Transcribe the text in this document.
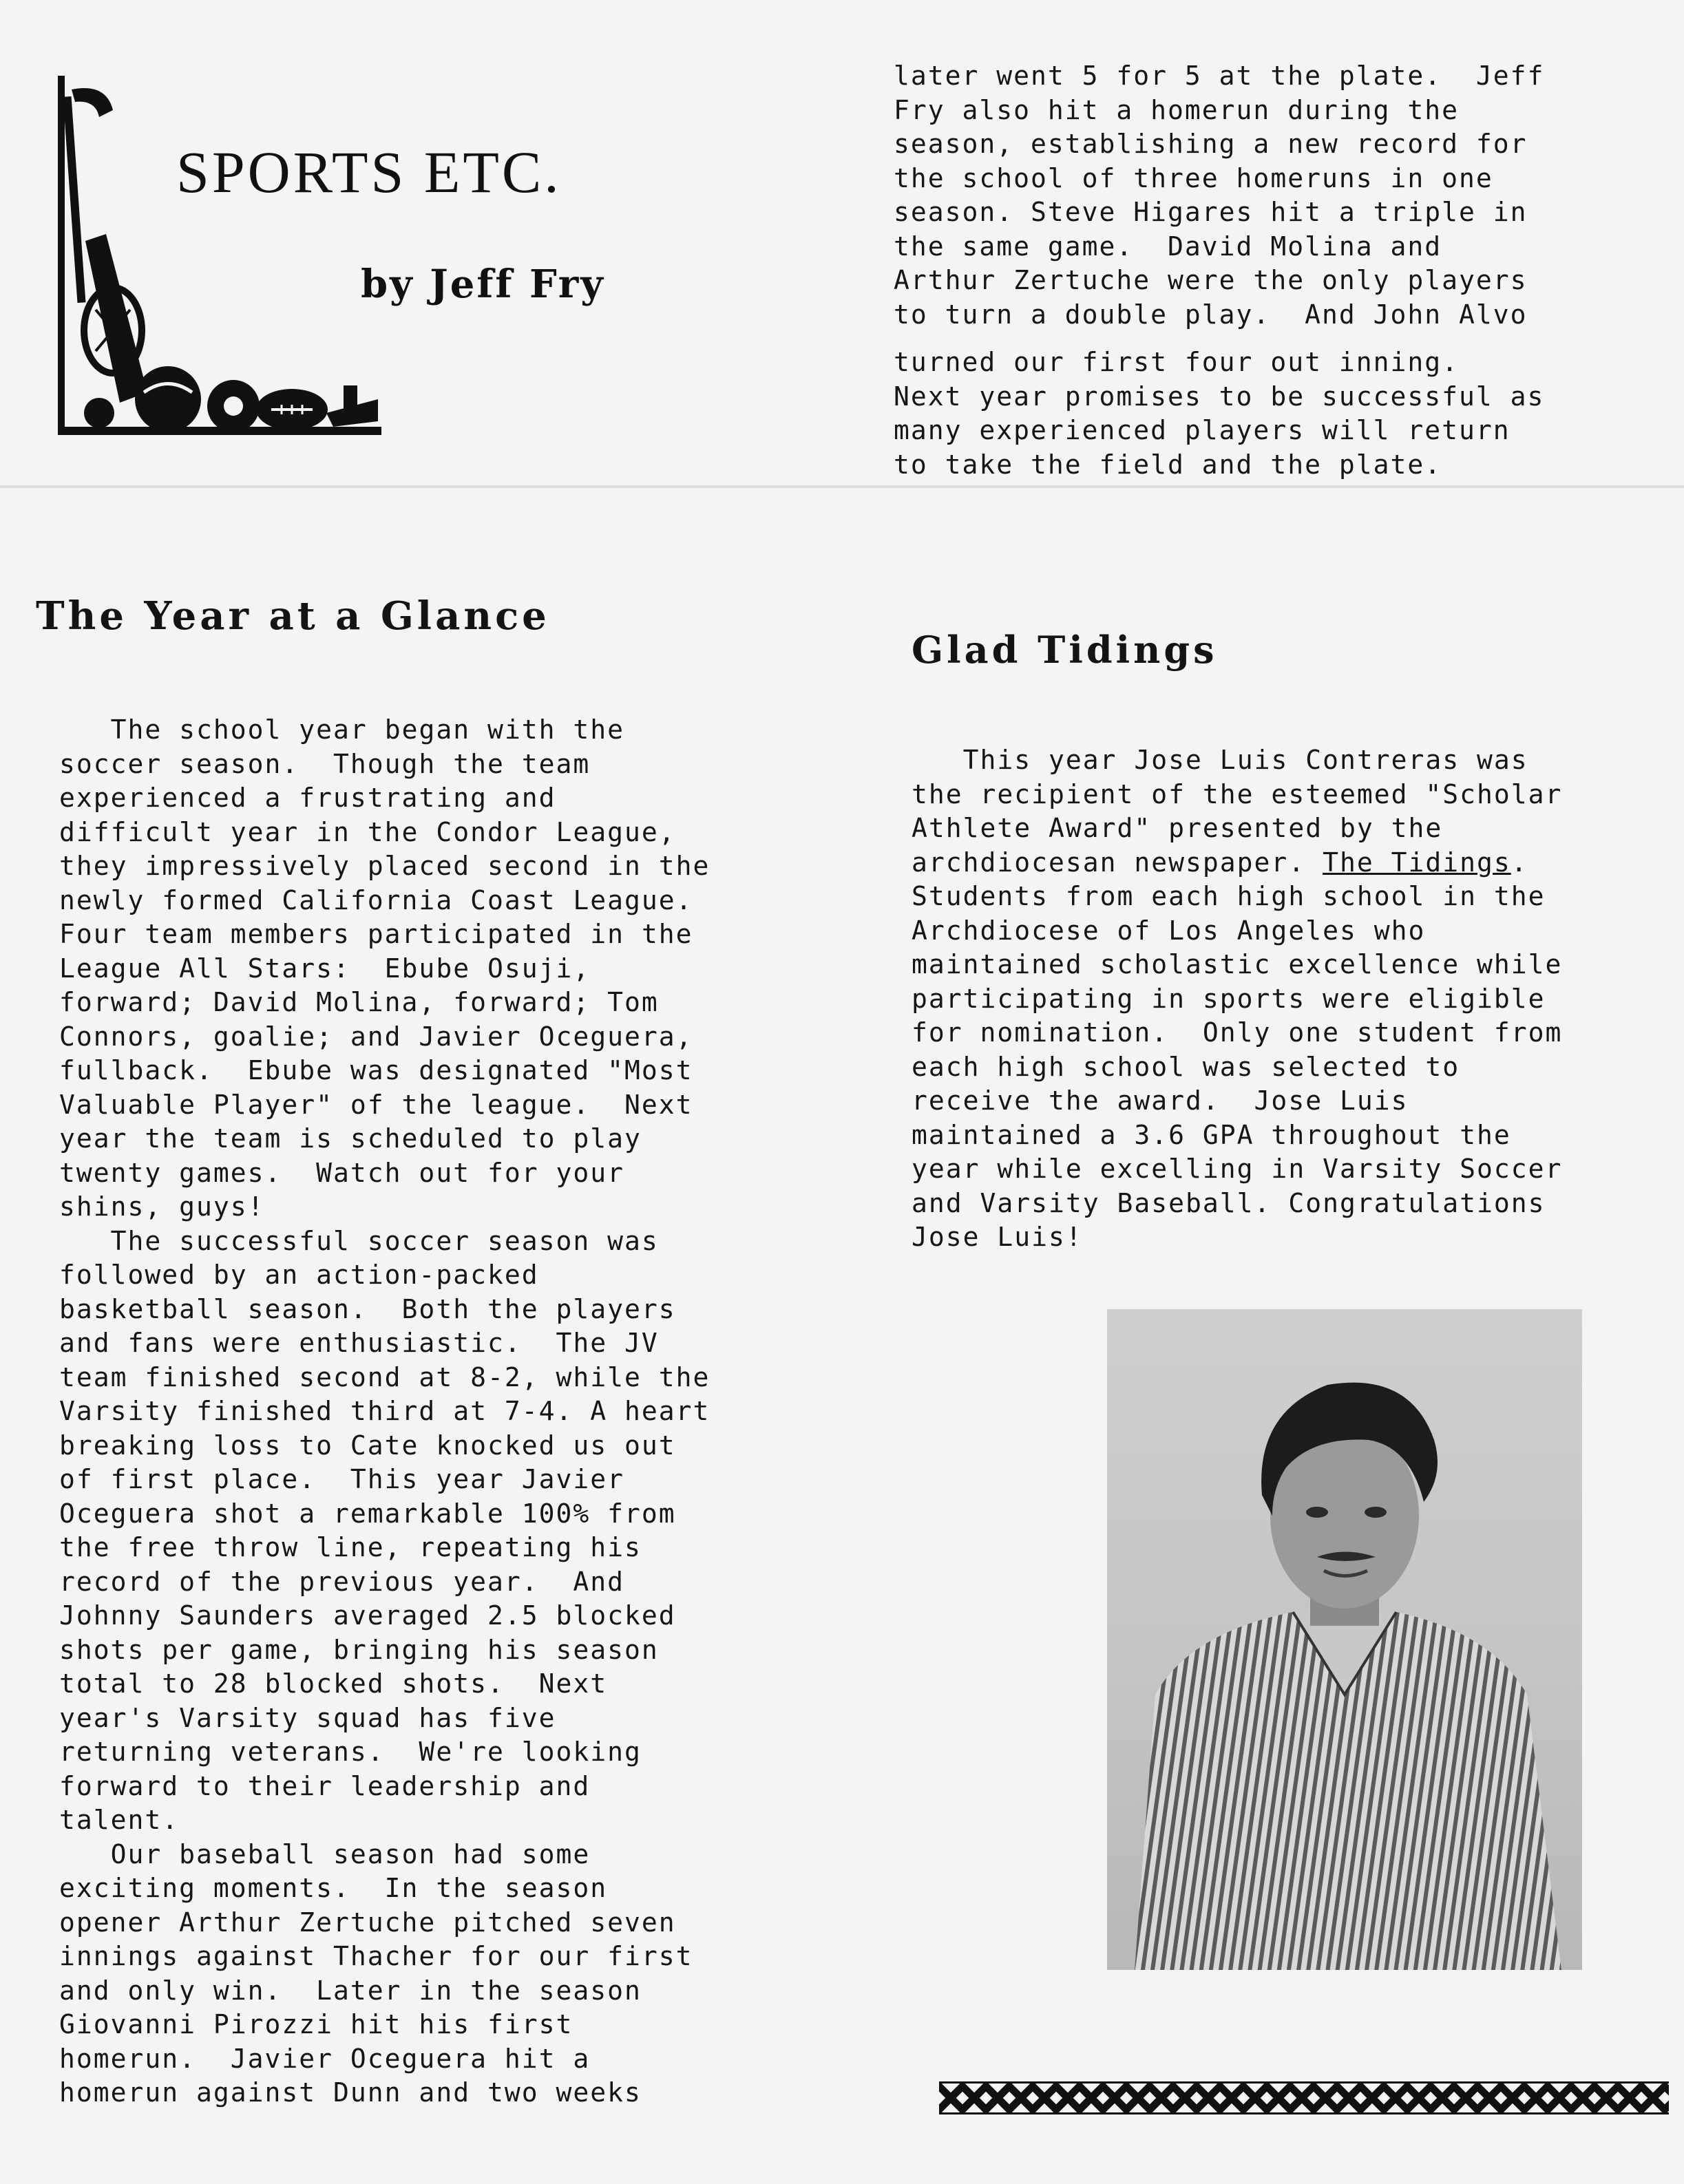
SPORTS ETC.
by Jeff Fry

later went 5 for 5 at the plate.  Jeff

Fry also hit a homerun during the

season, establishing a new record for

the school of three homeruns in one

season. Steve Higares hit a triple in

the same game.  David Molina and

Arthur Zertuche were the only players

to turn a double play.  And John Alvo

turned our first four out inning.

Next year promises to be successful as

many experienced players will return

to take the field and the plate.

The Year at a Glance

The school year began with the

soccer season.  Though the team

experienced a frustrating and

difficult year in the Condor League,

they impressively placed second in the

newly formed California Coast League.

Four team members participated in the

League All Stars:  Ebube Osuji,

forward; David Molina, forward; Tom

Connors, goalie; and Javier Oceguera,

fullback.  Ebube was designated "Most

Valuable Player" of the league.  Next

year the team is scheduled to play

twenty games.  Watch out for your

shins, guys!

The successful soccer season was

followed by an action-packed

basketball season.  Both the players

and fans were enthusiastic.  The JV

team finished second at 8-2, while the

Varsity finished third at 7-4. A heart

breaking loss to Cate knocked us out

of first place.  This year Javier

Oceguera shot a remarkable 100% from

the free throw line, repeating his

record of the previous year.  And

Johnny Saunders averaged 2.5 blocked

shots per game, bringing his season

total to 28 blocked shots.  Next

year's Varsity squad has five

returning veterans.  We're looking

forward to their leadership and

talent.

Our baseball season had some

exciting moments.  In the season

opener Arthur Zertuche pitched seven

innings against Thacher for our first

and only win.  Later in the season

Giovanni Pirozzi hit his first

homerun.  Javier Oceguera hit a

homerun against Dunn and two weeks

Glad Tidings

This year Jose Luis Contreras was

the recipient of the esteemed "Scholar

Athlete Award" presented by the

archdiocesan newspaper. The Tidings.

Students from each high school in the

Archdiocese of Los Angeles who

maintained scholastic excellence while

participating in sports were eligible

for nomination.  Only one student from

each high school was selected to

receive the award.  Jose Luis

maintained a 3.6 GPA throughout the

year while excelling in Varsity Soccer

and Varsity Baseball. Congratulations

Jose Luis!
